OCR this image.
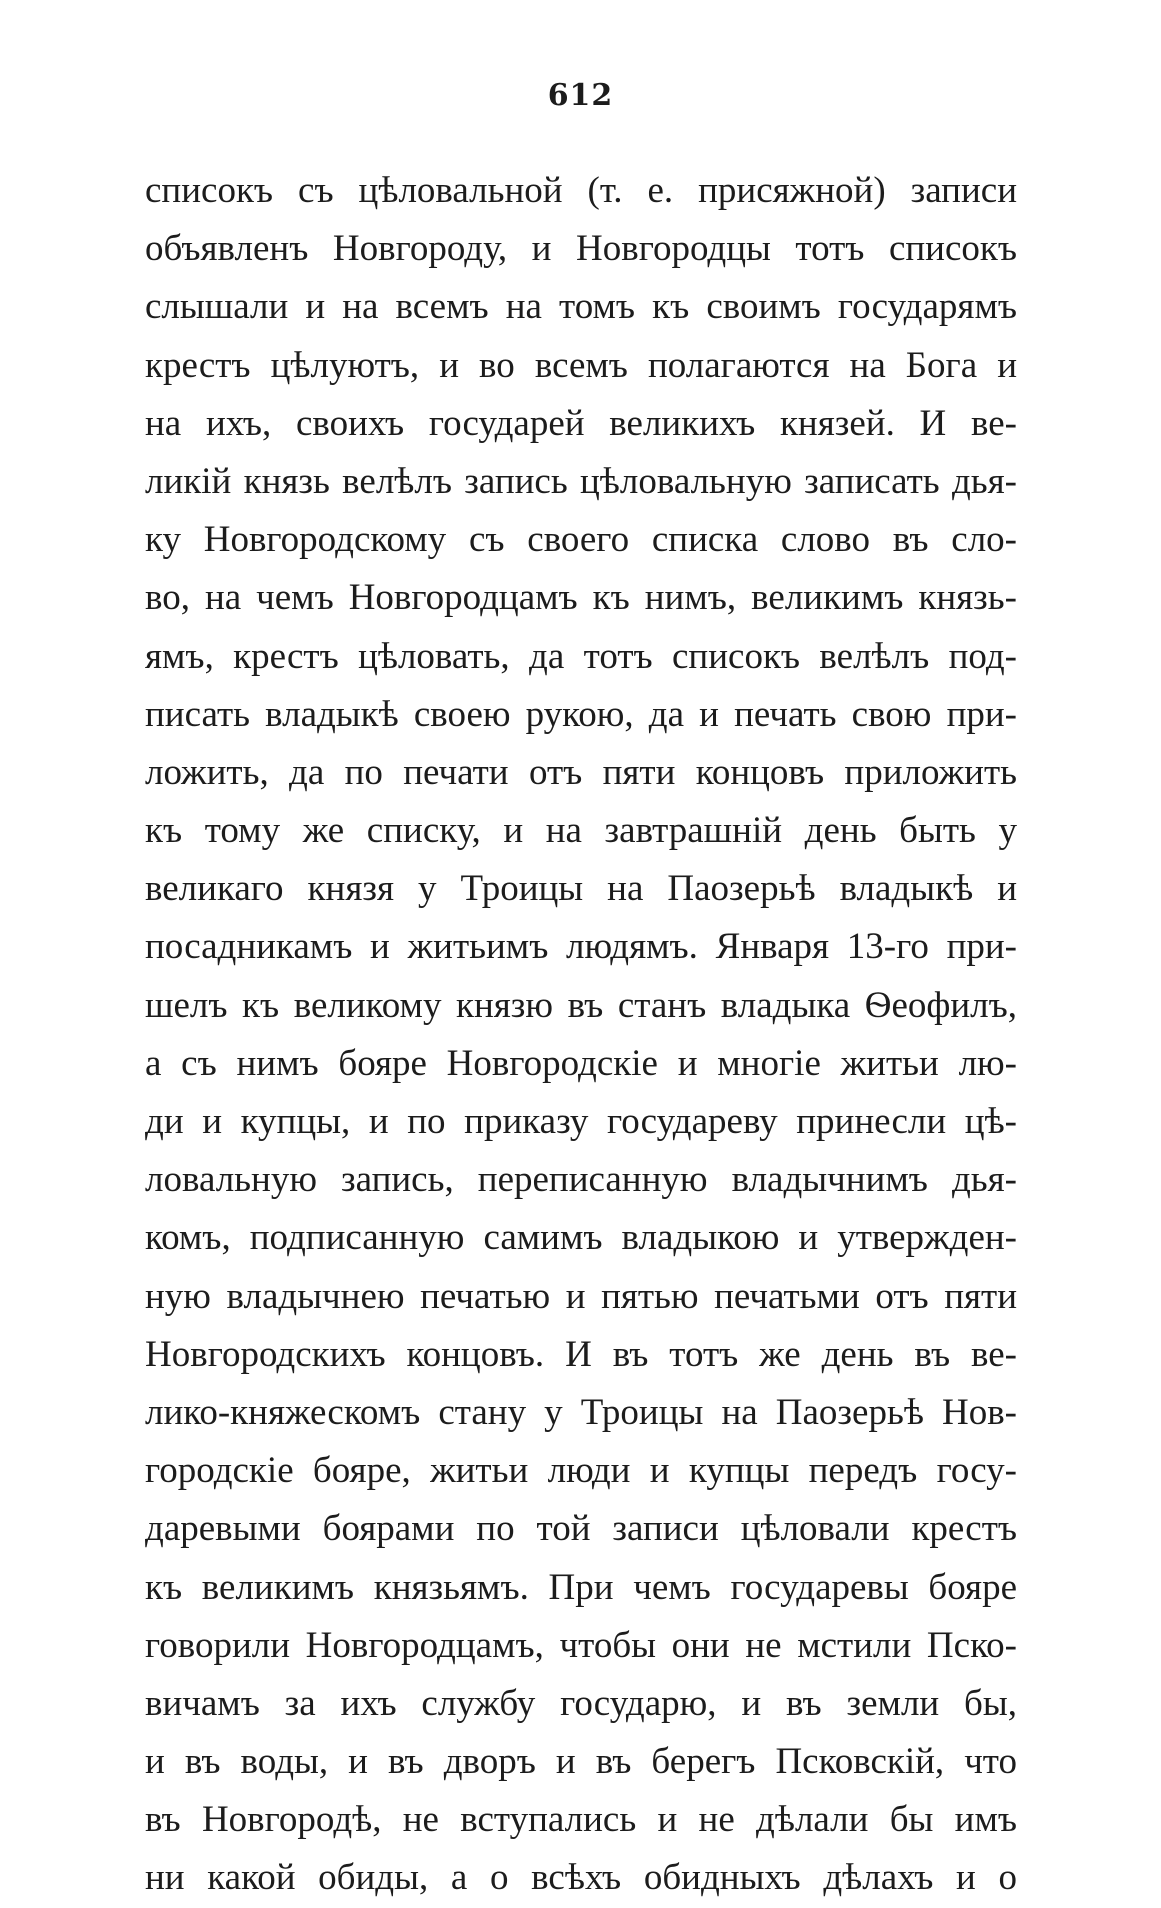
612
списокъ съ цѣловальной (т. е. присяжной) записи
объявленъ Новгороду, и Новгородцы тотъ списокъ
слышали и на всемъ на томъ къ своимъ государямъ
крестъ цѣлуютъ, и во всемъ полагаются на Бога и
на ихъ, своихъ государей великихъ князей. И ве-
ликій князь велѣлъ запись цѣловальную записать дья-
ку Новгородскому съ своего списка слово въ сло-
во, на чемъ Новгородцамъ къ нимъ, великимъ князь-
ямъ, крестъ цѣловать, да тотъ списокъ велѣлъ под-
писать владыкѣ своею рукою, да и печать свою при-
ложить, да по печати отъ пяти концовъ приложить
къ тому же списку, и на завтрашній день быть у
великаго князя у Троицы на Паозерьѣ владыкѣ и
посадникамъ и житьимъ людямъ. Января 13-го при-
шелъ къ великому князю въ станъ владыка Ѳеофилъ,
а съ нимъ бояре Новгородскіе и многіе житьи лю-
ди и купцы, и по приказу государеву принесли цѣ-
ловальную запись, переписанную владычнимъ дья-
комъ, подписанную самимъ владыкою и утвержден-
ную владычнею печатью и пятью печатьми отъ пяти
Новгородскихъ концовъ. И въ тотъ же день въ ве-
лико-княжескомъ стану у Троицы на Паозерьѣ Нов-
городскіе бояре, житьи люди и купцы передъ госу-
даревыми боярами по той записи цѣловали крестъ
къ великимъ князьямъ. При чемъ государевы бояре
говорили Новгородцамъ, чтобы они не мстили Пско-
вичамъ за ихъ службу государю, и въ земли бы,
и въ воды, и въ дворъ и въ берегъ Псковскій, что
въ Новгородѣ, не вступались и не дѣлали бы имъ
ни какой обиды, а о всѣхъ обидныхъ дѣлахъ и о
